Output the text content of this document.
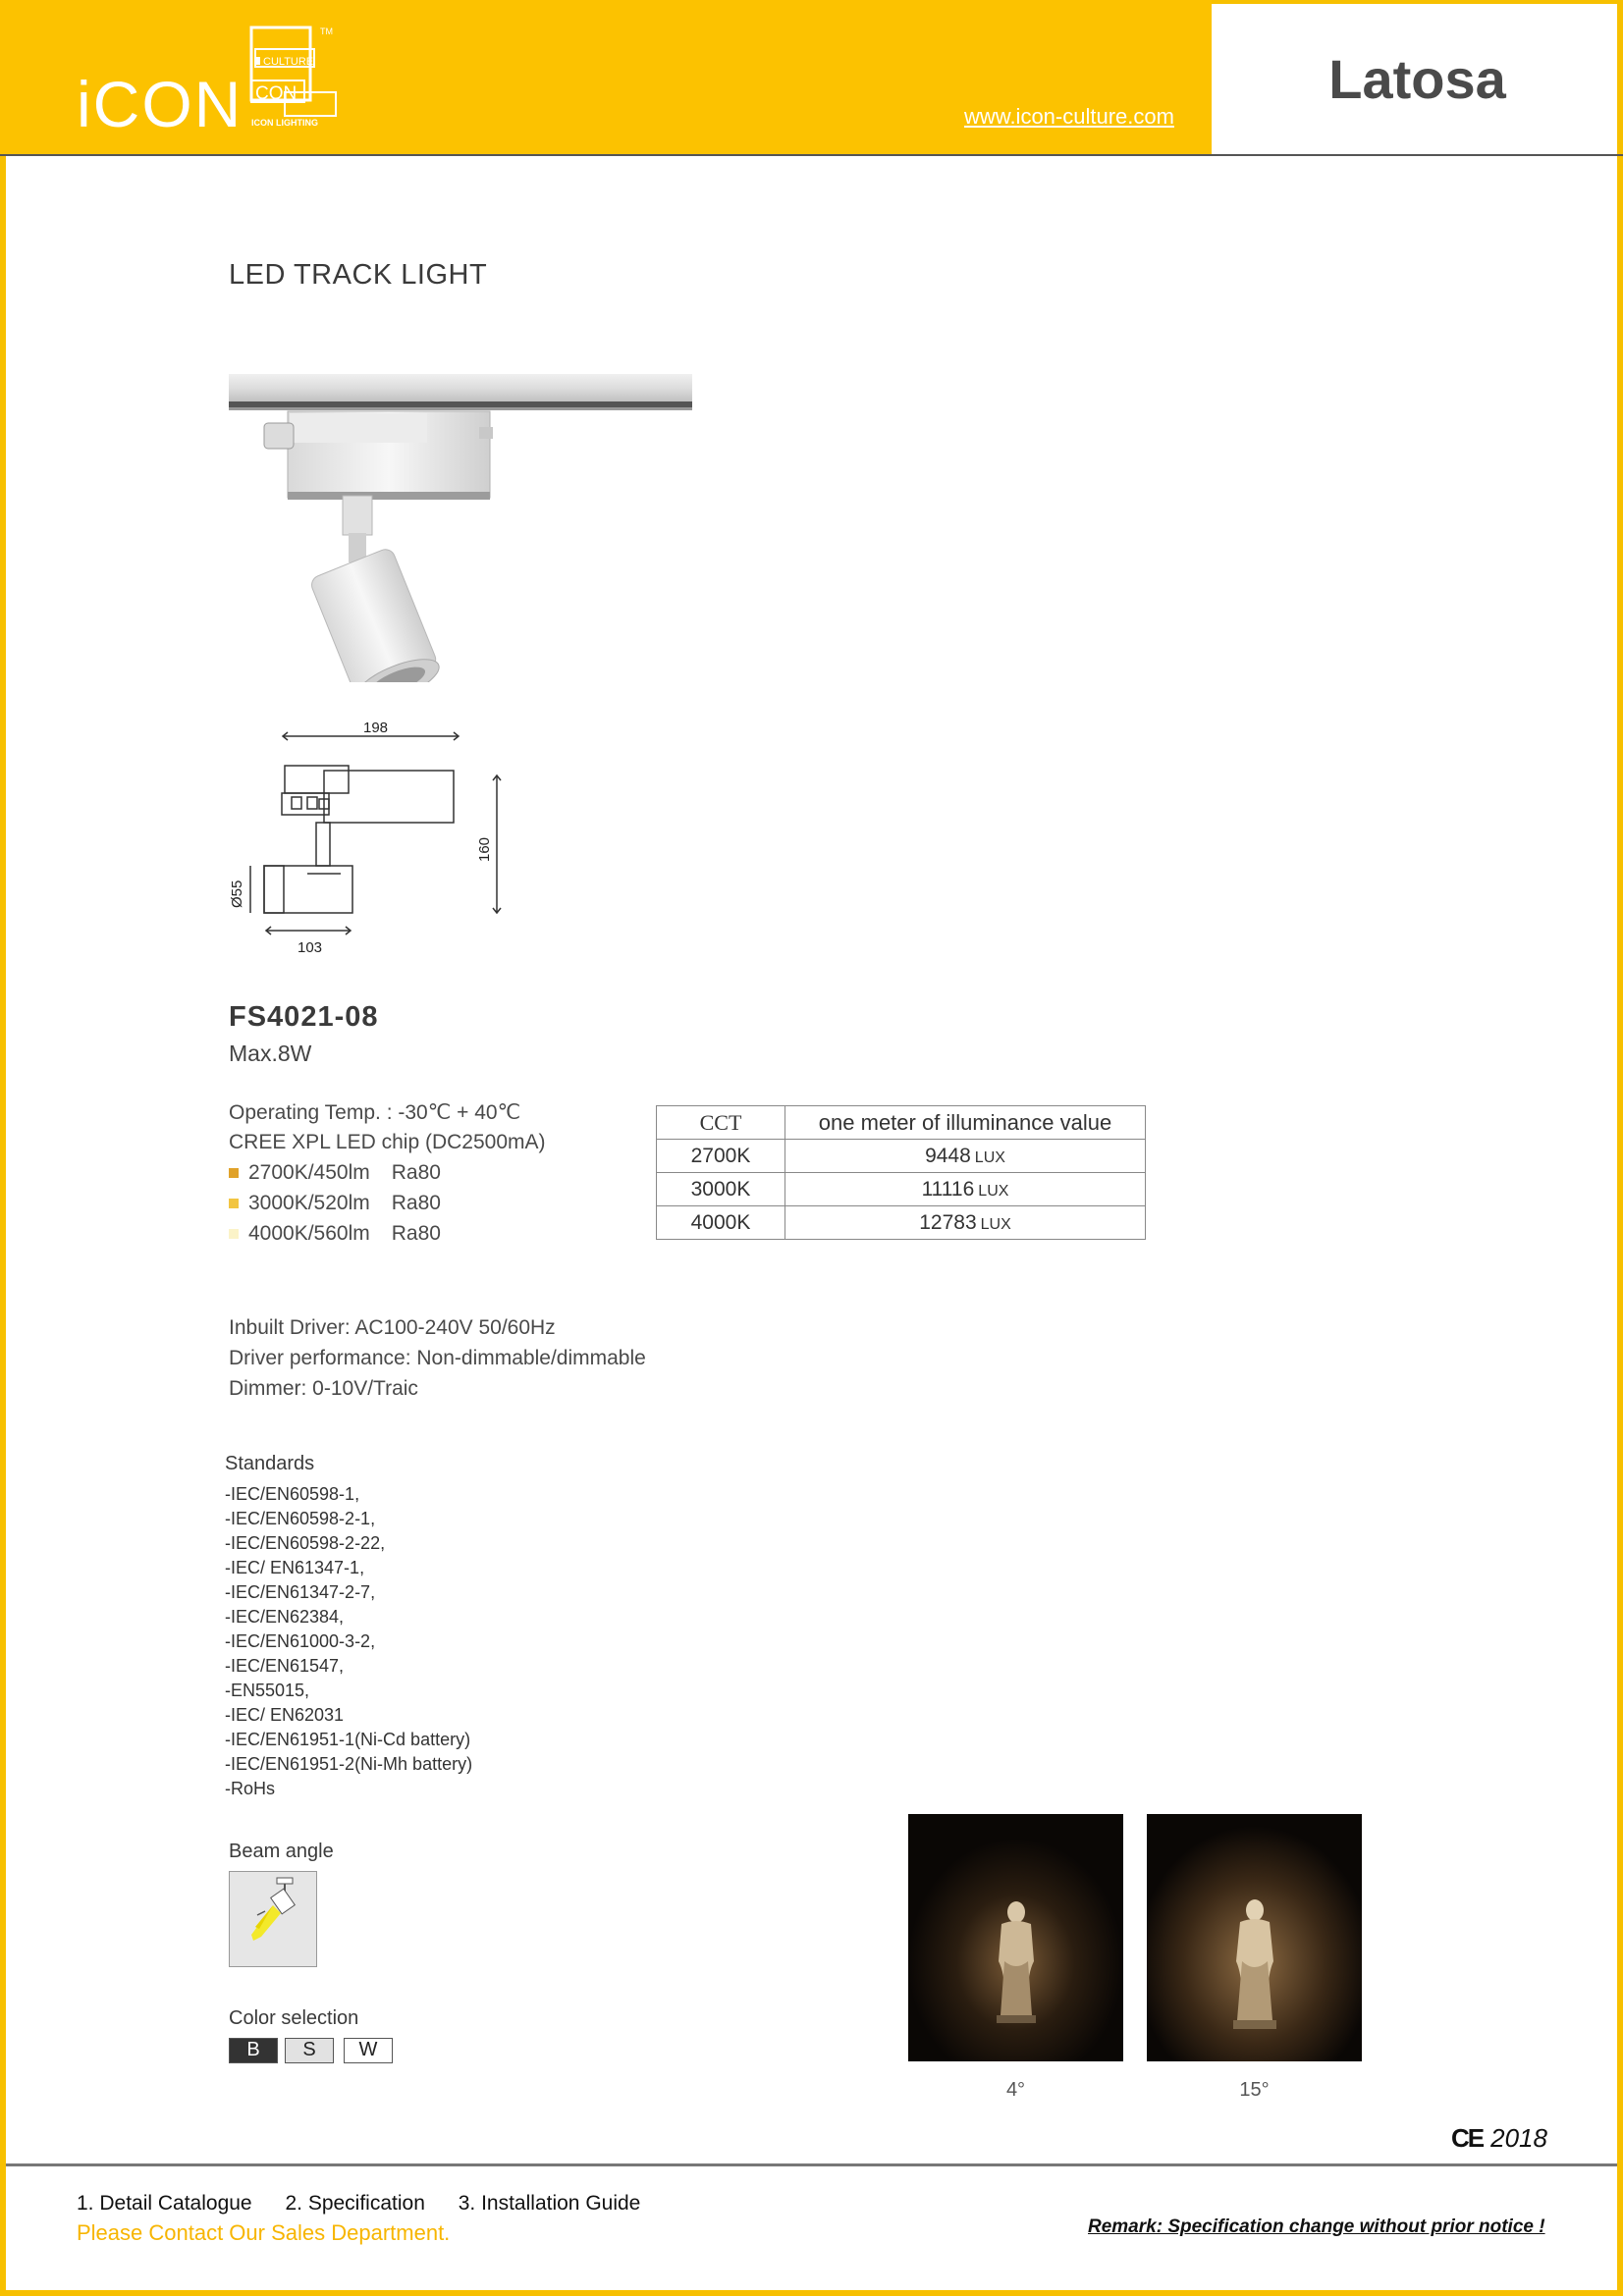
iCON
CULTURE
CON
ICON LIGHTING
TM
www.icon-culture.com
Latosa
LED TRACK LIGHT
198
160
Ø55
103
FS4021-08
Max.8W
Operating Temp. : -30℃ + 40℃
CREE XPL LED chip (DC2500mA)
2700K/450lm Ra80
3000K/520lm Ra80
4000K/560lm Ra80
CCT	one meter of illuminance value
2700K	9448 LUX
3000K	11116 LUX
4000K	12783 LUX
Inbuilt Driver: AC100-240V 50/60Hz
Driver performance: Non-dimmable/dimmable
Dimmer: 0-10V/Traic
Standards
-IEC/EN60598-1,
-IEC/EN60598-2-1,
-IEC/EN60598-2-22,
-IEC/ EN61347-1,
-IEC/EN61347-2-7,
-IEC/EN62384,
-IEC/EN61000-3-2,
-IEC/EN61547,
-EN55015,
-IEC/ EN62031
-IEC/EN61951-1(Ni-Cd battery)
-IEC/EN61951-2(Ni-Mh battery)
-RoHs
Beam angle
Color selection
B	S	W
4°	15°
CE 2018
1. Detail Catalogue 2. Specification 3. Installation Guide
Please Contact Our Sales Department.	Remark: Specification change without prior notice !
